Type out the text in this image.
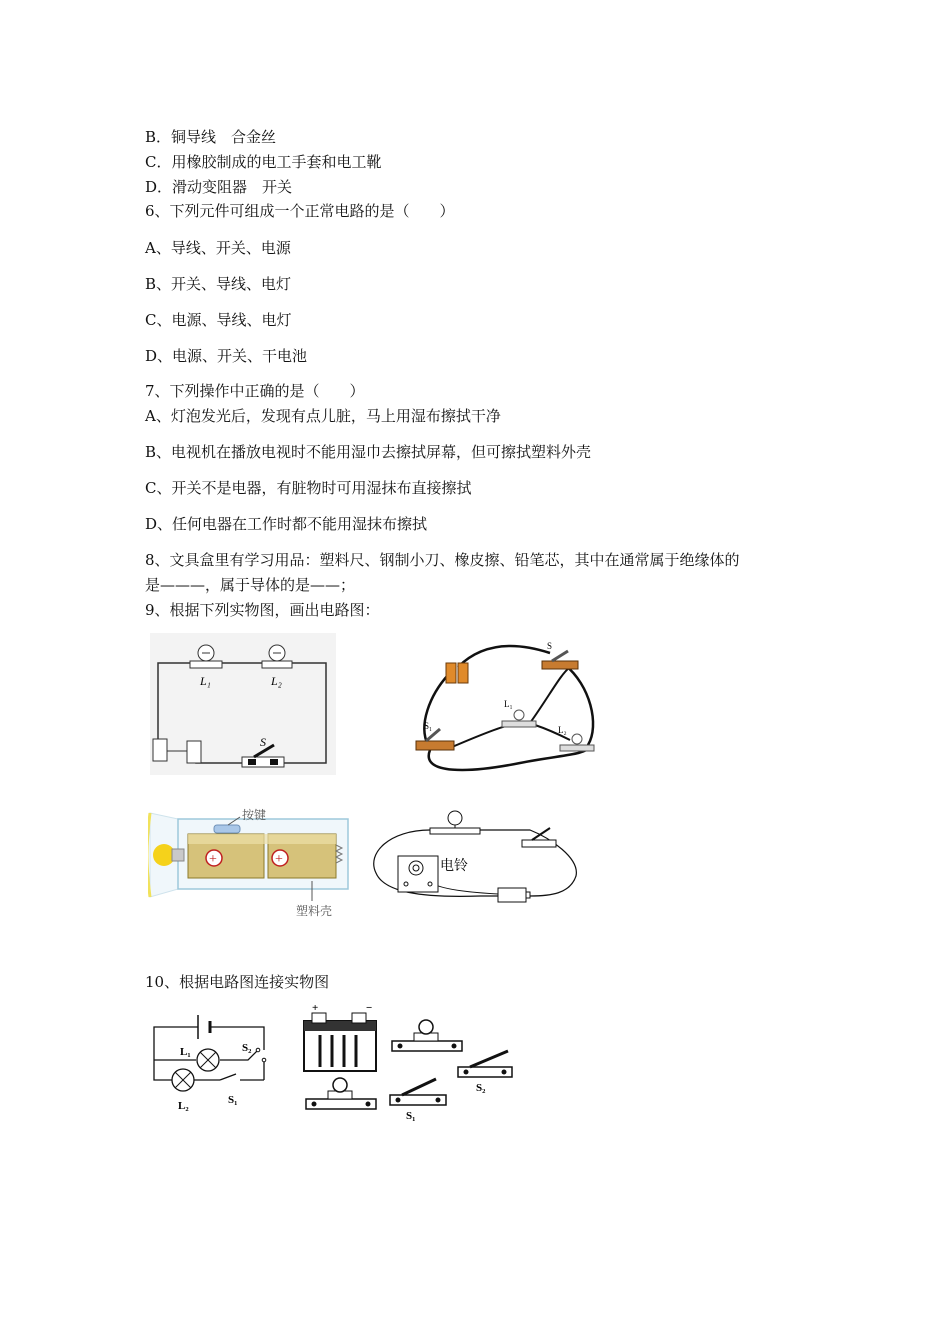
B．铜导线　合金丝
C．用橡胶制成的电工手套和电工靴
D．滑动变阻器　开关
6、下列元件可组成一个正常电路的是（　　）
A、导线、开关、电源
B、开关、导线、电灯
C、电源、导线、电灯
D、电源、开关、干电池
7、下列操作中正确的是（　　）
A、灯泡发光后，发现有点儿脏，马上用湿布擦拭干净
B、电视机在播放电视时不能用湿巾去擦拭屏幕，但可擦拭塑料外壳
C、开关不是电器，有脏物时可用湿抹布直接擦拭
D、任何电器在工作时都不能用湿抹布擦拭
8、文具盒里有学习用品：塑料尺、钢制小刀、橡皮擦、铅笔芯，其中在通常属于绝缘体的
是———，属于导体的是——；
9、根据下列实物图，画出电路图：
10、根据电路图连接实物图
L₁	L₂
S
S
S₁
L₁
L₂
+	+
按键
塑料壳
电铃
L₁
L₂	S₁
S₂
+	−
S₁
S₂
